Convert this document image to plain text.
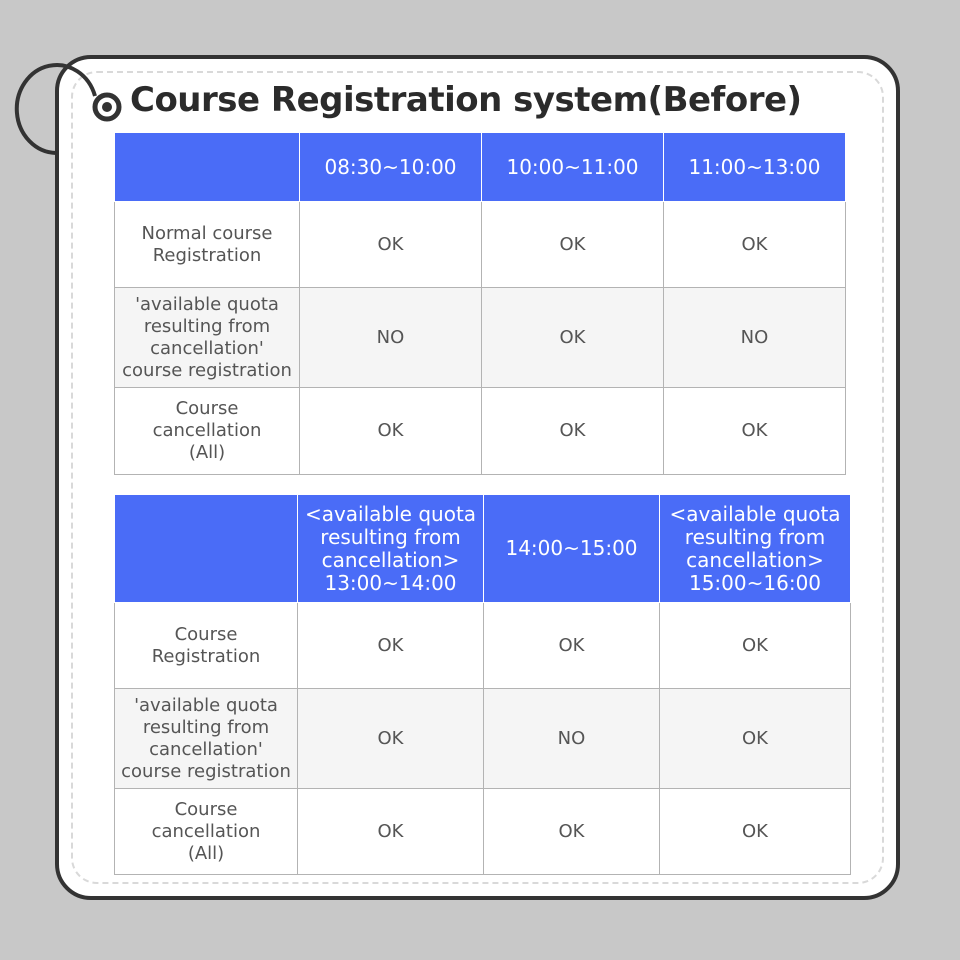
Course Registration system(Before)
	08:30~10:00	10:00~11:00	11:00~13:00
Normal course
Registration	OK	OK	OK
'available quota
resulting from
cancellation'
course registration	NO	OK	NO
Course
cancellation
(All)	OK	OK	OK
	<available quota
resulting from
cancellation>
13:00~14:00	14:00~15:00	<available quota
resulting from
cancellation>
15:00~16:00
Course
Registration	OK	OK	OK
'available quota
resulting from
cancellation'
course registration	OK	NO	OK
Course
cancellation
(All)	OK	OK	OK
